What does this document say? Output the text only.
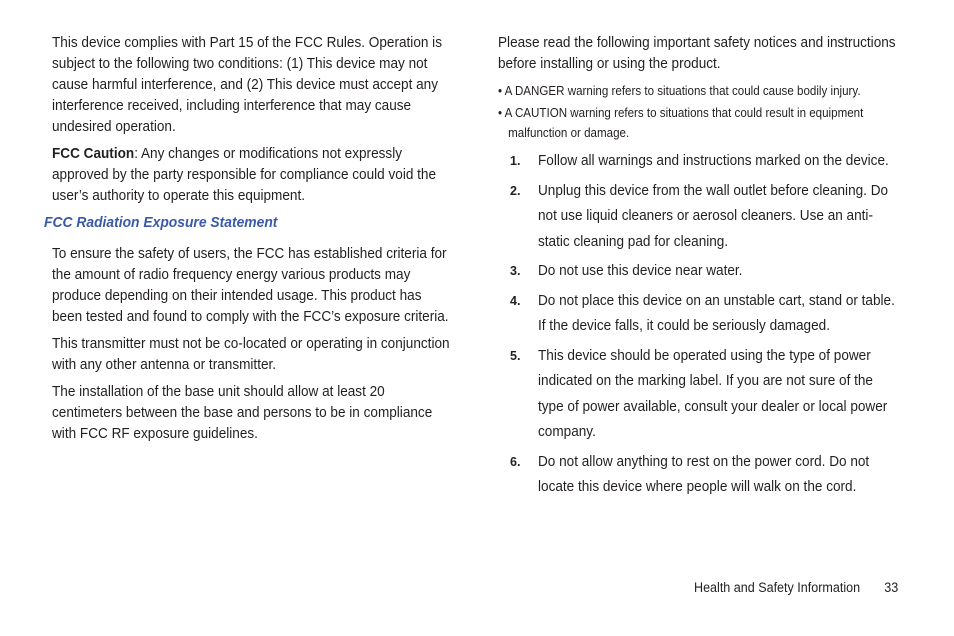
This device complies with Part 15 of the FCC Rules. Operation is subject to the following two conditions: (1) This device may not cause harmful interference, and (2) This device must accept any interference received, including interference that may cause undesired operation.

FCC Caution: Any changes or modifications not expressly approved by the party responsible for compliance could void the user’s authority to operate this equipment.

FCC Radiation Exposure Statement

To ensure the safety of users, the FCC has established criteria for the amount of radio frequency energy various products may produce depending on their intended usage. This product has been tested and found to comply with the FCC’s exposure criteria.

This transmitter must not be co-located or operating in conjunction with any other antenna or transmitter.

The installation of the base unit should allow at least 20 centimeters between the base and persons to be in compliance with FCC RF exposure guidelines.

Please read the following important safety notices and instructions before installing or using the product.

• A DANGER warning refers to situations that could cause bodily injury.
• A CAUTION warning refers to situations that could result in equipment malfunction or damage.
1. Follow all warnings and instructions marked on the device.
2. Unplug this device from the wall outlet before cleaning. Do not use liquid cleaners or aerosol cleaners. Use an anti-static cleaning pad for cleaning.
3. Do not use this device near water.
4. Do not place this device on an unstable cart, stand or table. If the device falls, it could be seriously damaged.
5. This device should be operated using the type of power indicated on the marking label. If you are not sure of the type of power available, consult your dealer or local power company.
6. Do not allow anything to rest on the power cord. Do not locate this device where people will walk on the cord.
Health and Safety Information 33
